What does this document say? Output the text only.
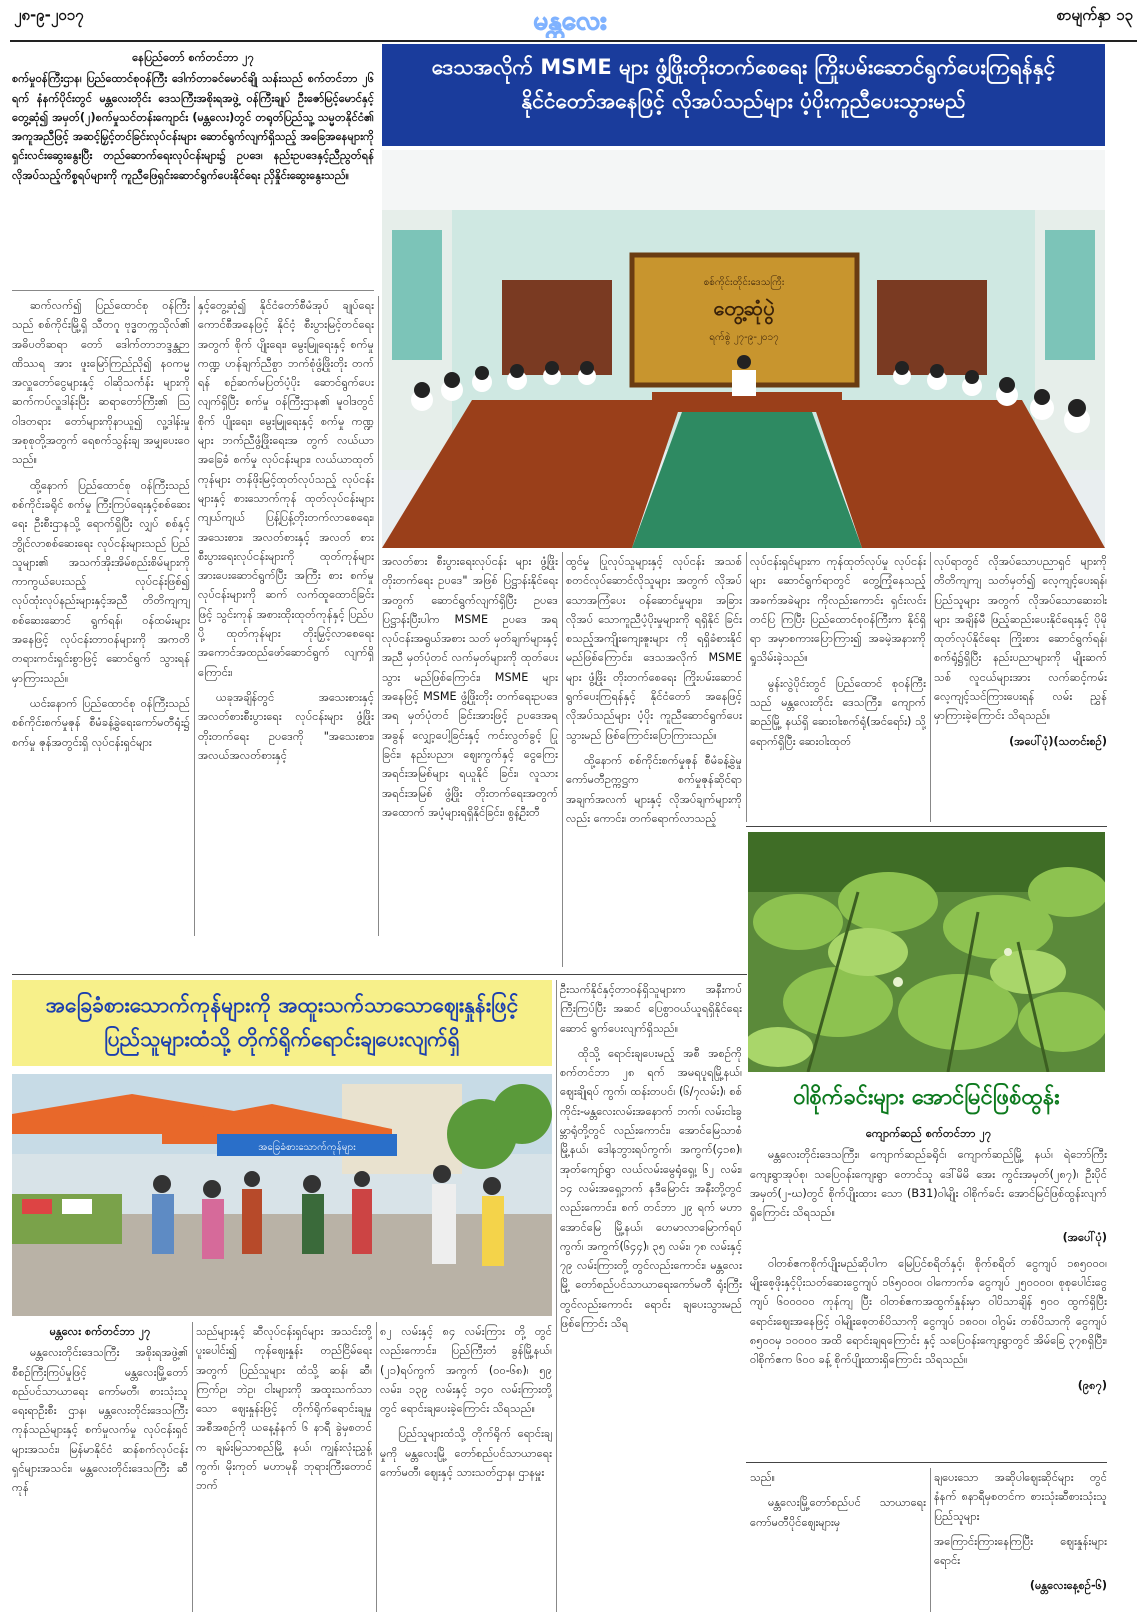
၂၈-၉-၂၀၁၇	မန္တလေး	စာမျက်နှာ ၁၃

နေပြည်တော် စက်တင်ဘာ ၂၇

စက်မှုဝန်ကြီးဌာန၊ ပြည်ထောင်စုဝန်ကြီး ဒေါက်တာခင်မောင်ချို သန်းသည် စက်တင်ဘာ ၂၆ ရက် နံနက်ပိုင်းတွင် မန္တလေးတိုင်း ဒေသကြီးအစိုးရအဖွဲ့ ဝန်ကြီးချုပ် ဦးဇော်မြင့်မောင်နှင့်တွေ့ဆုံ၍ အမှတ်(၂)စက်မှုသင်တန်းကျောင်း (မန္တလေး)တွင် တရုတ်ပြည်သူ့ သမ္မတနိုင်ငံ၏ အကူအညီဖြင့် အဆင့်မြှင့်တင်ခြင်းလုပ်ငန်းများ ဆောင်ရွက်လျက်ရှိသည့် အခြေအနေများကို ရှင်းလင်းဆွေးနွေးပြီး တည်ဆောက်ရေးလုပ်ငန်းများ၌ ဥပဒေ၊ နည်းဥပဒေနှင့်ညီညွတ်ရန် လိုအပ်သည့်ကိစ္စရပ်များကို ကူညီဖြေရှင်းဆောင်ရွက်ပေးနိုင်ရေး ညှိနှိုင်းဆွေးနွေးသည်။

ဒေသအလိုက် MSME များ ဖွံ့ဖြိုးတိုးတက်စေရေး ကြိုးပမ်းဆောင်ရွက်ပေးကြရန်နှင့်
နိုင်ငံတော်အနေဖြင့် လိုအပ်သည်များ ပံ့ပိုးကူညီပေးသွားမည်
စစ်ကိုင်းတိုင်းဒေသကြီး
တွေ့ဆုံပွဲ
ရက်စွဲ ၂၇-၉-၂၀၁၇

ဆက်လက်၍ ပြည်ထောင်စု ဝန်ကြီးသည် စစ်ကိုင်းမြို့ရှိ သီတဂူ ဗုဒ္ဓတက္ကသိုလ်၏ အဓိပတိဆရာ တော် ဒေါက်တာဘဒ္ဒန္တဉာဏိဿရ အား ဖူးမြော်ကြည်ညို၍ နဝကမ္မ အလှူတော်ငွေများနှင့် ဝါဆိုသင်္ကန်း များကို ဆက်ကပ်လှူဒါန်းပြီး ဆရာတော်ကြီး၏ သြဝါဒတရား တော်များကိုနာယူ၍ လူ့ဒါန်းမှု အစုစုတို့အတွက် ရေစက်သွန်းချ အမျှပေးဝေသည်။

ထို့နောက် ပြည်ထောင်စု ဝန်ကြီးသည် စစ်ကိုင်းခရိုင် စက်မှု ကြီးကြပ်ရေးနှင့်စစ်ဆေးရေး ဦးစီးဌာနသို့ ရောက်ရှိပြီး လျှပ် စစ်နှင့် ဘွိုင်လာစစ်ဆေးရေး လုပ်ငန်းများသည် ပြည်သူများ၏ အသက်အိုးအိမ်စည်းစိမ်များကို ကာကွယ်ပေးသည့် လုပ်ငန်းဖြစ်၍ လုပ်ထုံးလုပ်နည်းများနှင့်အညီ တိတိကျကျ စစ်ဆေးဆောင် ရွက်ရန်၊ ဝန်ထမ်းများအနေဖြင့် လုပ်ငန်းတာဝန်များကို အကတိ တရားကင်းရှင်းစွာဖြင့် ဆောင်ရွက် သွားရန် မှာကြားသည်။

ယင်းနောက် ပြည်ထောင်စု ဝန်ကြီးသည် စစ်ကိုင်းစက်မှုဇုန် စီမံခန့်ခွဲရေးကော်မတီရုံး၌ စက်မှု ဇုန်အတွင်းရှိ လုပ်ငန်းရှင်များ

နှင့်တွေ့ဆုံ၍ နိုင်ငံတော်စီမံအုပ် ချုပ်ရေးကောင်စီအနေဖြင့် နိုင်ငံ့ စီးပွားမြင့်တင်ရေးအတွက် စိုက် ပျိုးရေး၊ မွေးမြူရေးနှင့် စက်မှုကဏ္ဍ ဟန်ချက်ညီစွာ ဘက်စုံဖွံ့ဖြိုးတိုး တက်ရန် စဉ်ဆက်မပြတ်ပံ့ပိုး ဆောင်ရွက်ပေးလျက်ရှိပြီး စက်မှု ဝန်ကြီးဌာန၏ မူဝါဒတွင် စိုက် ပျိုးရေး၊ မွေးမြူရေးနှင့် စက်မှု ကဏ္ဍများ ဘက်ညီဖွံ့ဖြိုးရေးအ တွက် လယ်ယာအခြေခံ စက်မှု လုပ်ငန်းများ၊ လယ်ယာထုတ် ကုန်များ တန်ဖိုးမြင့်ထုတ်လုပ်သည့် လုပ်ငန်းများနှင့် စားသောက်ကုန် ထုတ်လုပ်ငန်းများ ကျယ်ကျယ် ပြန့်ပြန့်တိုးတက်လာစေရေး၊ အသေးစား၊ အလတ်စားနှင့် အလတ် စား စီးပွားရေးလုပ်ငန်းများကို ထုတ်ကုန်များအားပေးဆောင်ရွက်ပြီး အကြီး စား စက်မှုလုပ်ငန်းများကို ဆက် လက်ထူထောင်ခြင်းဖြင့် သွင်းကုန် အစားထိုးထုတ်ကုန်နှင့် ပြည်ပပို့ ထုတ်ကုန်များ တိုးမြှင့်လာစေရေး အကောင်အထည်ဖော်ဆောင်ရွက် လျက်ရှိကြောင်း၊

ယခုအချိန်တွင် အသေးစားနှင့် အလတ်စားစီးပွားရေး လုပ်ငန်းများ ဖွံ့ဖြိုးတိုးတက်ရေး ဥပဒေကို "အသေးစား၊ အလယ်အလတ်စားနှင့်

အလတ်စား စီးပွားရေးလုပ်ငန်း များ ဖွံ့ဖြိုးတိုးတက်ရေး ဥပဒေ" အဖြစ် ပြဋ္ဌာန်းနိုင်ရေးအတွက် ဆောင်ရွက်လျက်ရှိပြီး ဥပဒေ ပြဋ္ဌာန်းပြီးပါက MSME ဥပဒေ အရ လုပ်ငန်းအရွယ်အစား သတ် မှတ်ချက်များနှင့်အညီ မှတ်ပုံတင် လက်မှတ်များကို ထုတ်ပေးသွား မည်ဖြစ်ကြောင်း၊ MSME များ အနေဖြင့် MSME ဖွံ့ဖြိုးတိုး တက်ရေးဥပဒေအရ မှတ်ပုံတင် ခြင်းအားဖြင့် ဥပဒေအရ အခွန် လျှော့ပေါ့ခြင်းနှင့် ကင်းလွတ်ခွင့် ပြုခြင်း၊ နည်းပညာ၊ ဈေးကွက်နှင့် ငွေကြေးအရင်းအမြစ်များ ရယူနိုင် ခြင်း၊ လူသားအရင်းအမြစ် ဖွံ့ဖြိုး တိုးတက်ရေးအတွက် အထောက် အပံ့များရရှိနိုင်ခြင်း၊ စွန့်ဦးတီ

ထွင်မှု ပြုလုပ်သူများနှင့် လုပ်ငန်း အသစ် စတင်လုပ်ဆောင်လိုသူများ အတွက် လိုအပ်သောအကြံပေး ဝန်ဆောင်မှုများ၊ အခြားလိုအပ် သောကူညီပံ့ပိုးမှုများကို ရရှိနိုင် ခြင်း စသည့်အကျိုးကျေးဇူးများ ကို ရရှိခံစားနိုင်မည်ဖြစ်ကြောင်း၊ ဒေသအလိုက် MSME များ ဖွံ့ဖြိုး တိုးတက်စေရေး ကြိုးပမ်းဆောင် ရွက်ပေးကြရန်နှင့် နိုင်ငံတော် အနေဖြင့် လိုအပ်သည်များ ပံ့ပိုး ကူညီဆောင်ရွက်ပေးသွားမည် ဖြစ်ကြောင်းပြောကြားသည်။

ထို့နောက် စစ်ကိုင်းစက်မှုဇုန် စီမံခန့်ခွဲမှုကော်မတီဥက္ကဋ္ဌက စက်မှုဇုန်ဆိုင်ရာ အချက်အလက် များနှင့် လိုအပ်ချက်များကိုလည်း ကောင်း၊ တက်ရောက်လာသည့်

လုပ်ငန်းရှင်များက ကုန်ထုတ်လုပ်မှု လုပ်ငန်းများ ဆောင်ရွက်ရာတွင် တွေ့ကြုံနေသည့် အခက်အခဲများ ကိုလည်းကောင်း ရှင်းလင်းတင်ပြ ကြပြီး ပြည်ထောင်စုဝန်ကြီးက နိုင်ရှိရာ အမှာစကားပြောကြား၍ အခမဲ့အနားကို ရှုသိမ်းခဲ့သည်။

မွန်းလွဲပိုင်းတွင် ပြည်ထောင် စုဝန်ကြီးသည် မန္တလေးတိုင်း ဒေသကြီး၊ ကျောက်ဆည်မြို့ နယ်ရှိ ဆေးဝါးစက်ရုံ(အင်ရော်း) သို့ ရောက်ရှိပြီး ဆေးဝါးထုတ်

လုပ်ရာတွင် လိုအပ်သောပညာရှင် များကို တိတိကျကျ သတ်မှတ်၍ လေ့ကျင့်ပေးရန်၊ ပြည်သူများ အတွက် လိုအပ်သောဆေးဝါးများ အချိန်မီ ဖြည့်ဆည်းပေးနိုင်ရေးနှင့် ပိုမိုထုတ်လုပ်နိုင်ရေး ကြိုးစား ဆောင်ရွက်ရန်၊ စက်ရုံ၌ရှိပြီး နည်းပညာများကို မျိုးဆက်သစ် လူငယ်များအား လက်ဆင့်ကမ်း လေ့ကျင့်သင်ကြားပေးရန် လမ်း ညွှန်မှာကြားခဲ့ကြောင်း သိရသည်။

(အပေါ်ပုံ)(သတင်းစဉ်)

ဝါစိုက်ခင်းများ အောင်မြင်ဖြစ်ထွန်း

ကျောက်ဆည် စက်တင်ဘာ ၂၇

မန္တလေးတိုင်းဒေသကြီး၊ ကျောက်ဆည်ခရိုင်၊ ကျောက်ဆည်မြို့ နယ်၊ ရဲဘော်ကြီးကျေးရွာအုပ်စု၊ သပြေဝန်းကျေးရွာ တောင်သူ ဒေါ်မိမိ အေး ကွင်းအမှတ်(၂၈၇)၊ ဦးပိုင်အမှတ်(၂-ဃ)တွင် စိုက်ပျိုးထား သော (B31)ဝါမျိုး ဝါစိုက်ခင်း အောင်မြင်ဖြစ်ထွန်းလျက်ရှိကြောင်း သိရသည်။

(အပေါ်ပုံ)

ဝါတစ်ဧကစိုက်ပျိုးမည်ဆိုပါက မြေပြင်စရိတ်နှင့်၊ စိုက်စရိတ် ငွေကျပ် ၁၈၅၀၀၀၊ မျိုးစေ့ဖိုးနှင့်ပိုးသတ်ဆေးငွေကျပ် ၁၆၅၀၀၀၊ ဝါကောက်ခ ငွေကျပ် ၂၅၀၀၀၀၊ စုစုပေါင်းငွေကျပ် ၆၀၀၀၀၀ ကုန်ကျ ပြီး ဝါတစ်ဧကအထွက်နှုန်းမှာ ဝါပိသာချိန် ၅၀၀ ထွက်ရှိပြီး ရောင်းဈေးအနေဖြင့် ဝါမျိုးစေ့တစ်ပိသာကို ငွေကျပ် ၁၈၀၀၊ ဝါဂွမ်း တစ်ပိသာကို ငွေကျပ် ၈၅၀၀မှ ၁၀၀၀၀ အထိ ရောင်းချရကြောင်း နှင့် သပြေဝန်းကျေးရွာတွင် အိမ်ခြေ ၃၇၈ရှိပြီး၊ ဝါစိုက်ဧက ၆၀၀ ခန့် စိုက်ပျိုးထားရှိကြောင်း သိရသည်။

(၉၈၇)

အခြေခံစားသောက်ကုန်များကို အထူးသက်သာသောဈေးနှုန်းဖြင့်
ပြည်သူများထံသို့ တိုက်ရိုက်ရောင်းချပေးလျက်ရှိ
အခြေခံစားသောက်ကုန်များ

မန္တလေး စက်တင်ဘာ ၂၇

မန္တလေးတိုင်းဒေသကြီး အစိုးရအဖွဲ့၏ စီစဉ်ကြီးကြပ်မှုဖြင့် မန္တလေးမြို့တော်စည်ပင်သာယာရေး ကော်မတီ၊ စားသုံးသူရေးရာဦးစီး ဌာန၊ မန္တလေးတိုင်းဒေသကြီး ကုန်သည်များနှင့် စက်မှုလက်မှု လုပ်ငန်းရှင်များအသင်း၊ မြန်မာနိုင်ငံ ဆန်စက်လုပ်ငန်းရှင်များအသင်း၊ မန္တလေးတိုင်းဒေသကြီး ဆီကုန်

သည်များနှင့် ဆီလုပ်ငန်းရှင်များ အသင်းတို့ပူးပေါင်း၍ ကုန်ဈေးနှုန်း တည်ငြိမ်ရေးအတွက် ပြည်သူများ ထံသို့ ဆန်၊ ဆီ၊ ကြက်ဥ၊ ဘဲဥ၊ ငါးများကို အထူးသက်သာသော ဈေးနှုန်းဖြင့် တိုက်ရိုက်ရောင်းချမှု အစီအစဉ်ကို ယနေ့နံနက် ၆ နာရီ ခွဲမှစတင်က ချမ်းမြသာစည်မြို့ နယ်၊ ကျွန်းလုံးညွှန့်ကွက်၊ မိုးကုတ် မဟာမုနိ ဘုရားကြီးတောင်ဘက်

၈၂ လမ်းနှင့် ၈၄ လမ်းကြား တို့ တွင်လည်းကောင်း၊ ပြည်ကြီးတံ ခွန်မြို့နယ်၊ (၂၁)ရပ်ကွက် အကွက် (၀၀-၆၈)၊ ၅၉ လမ်း၊ ၁၃၉ လမ်းနှင့် ၁၄၀ လမ်းကြားတို့တွင် ရောင်းချပေးခဲ့ကြောင်း သိရသည်။

ပြည်သူများထံသို့ တိုက်ရိုက် ရောင်းချမှုကို မန္တလေးမြို့ တော်စည်ပင်သာယာရေးကော်မတီ၊ ဈေးနှင့် သားသတ်ဌာန၊ ဌာနမှူး

ဦးသက်နိုင်နှင့်တာဝန်ရှိသူများက အနီးကပ်ကြီးကြပ်ပြီး အဆင် ပြေစွာဝယ်ယူရရှိနိုင်ရေး ဆောင် ရွက်ပေးလျက်ရှိသည်။

ထိုသို့ ရောင်းချပေးမည့် အစီ အစဉ်ကို စက်တင်ဘာ ၂၈ ရက် အမရပူရမြို့နယ်၊ ဈေးချိုရပ် ကွက်၊ ထန်းတပင်၊ (၆/၇လမ်း)၊ စစ်ကိုင်း-မန္တလေးလမ်းအနောက် ဘက်၊ လမ်းငါးခွမ္ဘာရုံတို့တွင် လည်းကောင်း၊ အောင်မြေသာစံ မြို့နယ်၊ ဒေါနဘွားရပ်ကွက်၊ အကွက်(၄၁၈)၊ အုတ်ကျော်ရွာ လယ်လမ်းမွေရုံရှေ့၊ ၆၂ လမ်း၊ ၁၄ လမ်းအရှေ့ဘက် နဒီမြောင်း အနီးတို့တွင်လည်းကောင်း၊ စက် တင်ဘာ ၂၉ ရက် မဟာအောင်မြေ မြို့နယ်၊ ဟေမာလာမြောက်ရပ် ကွက်၊ အကွက်(၆၄၄)၊ ၃၅ လမ်း၊ ၇၈ လမ်းနှင့် ၇၉ လမ်းကြားတို့ တွင်လည်းကောင်း၊ မန္တလေးမြို့ တော်စည်ပင်သာယာရေးကော်မတီ ရုံးကြီးတွင်လည်းကောင်း ရောင်း ချပေးသွားမည်ဖြစ်ကြောင်း သိရ

သည်။

မန္တလေးမြို့တော်စည်ပင် သာယာရေးကော်မတီပိုင်ဈေးများမှ

ချပေးသော အဆိုပါဈေးဆိုင်များ တွင် နံနက် ၈နာရီမှစတင်က စားသုံးဆီစားသုံးသူ ပြည်သူများ

အကြောင်းကြားနေကြပြီး ဈေးနှုန်းများ ရောင်း

(မန္တလေးနေ့စဉ်-၆)
